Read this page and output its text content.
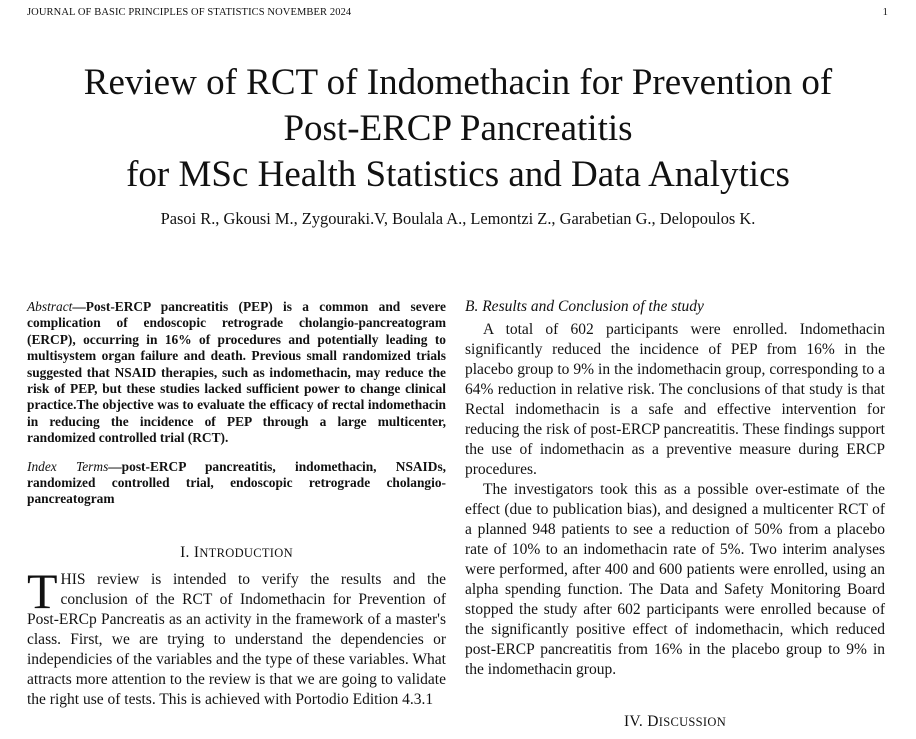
JOURNAL OF BASIC PRINCIPLES OF STATISTICS NOVEMBER 2024	1
Review of RCT of Indomethacin for Prevention of
Post-ERCP Pancreatitis
for MSc Health Statistics and Data Analytics
Pasoi R., Gkousi M., Zygouraki.V, Boulala A., Lemontzi Z., Garabetian G., Delopoulos K.

Abstract—Post-ERCP pancreatitis (PEP) is a common and severe complication of endoscopic retrograde cholangio-pancreatogram (ERCP), occurring in 16% of procedures and potentially leading to multisystem organ failure and death. Previous small randomized trials suggested that NSAID therapies, such as indomethacin, may reduce the risk of PEP, but these studies lacked sufficient power to change clinical practice.The objective was to evaluate the efficacy of rectal indomethacin in reducing the incidence of PEP through a large multicenter, randomized controlled trial (RCT).

Index Terms—post-ERCP pancreatitis, indomethacin, NSAIDs, randomized controlled trial, endoscopic retrograde cholangio-pancreatogram

I. INTRODUCTION

THIS review is intended to verify the results and the conclusion of the RCT of Indomethacin for Prevention of Post-ERCp Pancreatis as an activity in the framework of a master's class. First, we are trying to understand the dependencies or independicies of the variables and the type of these variables. What attracts more attention to the review is that we are going to validate the right use of tests. This is achieved with Portodio Edition 4.3.1

B. Results and Conclusion of the study

A total of 602 participants were enrolled. Indomethacin significantly reduced the incidence of PEP from 16% in the placebo group to 9% in the indomethacin group, corresponding to a 64% reduction in relative risk. The conclusions of that study is that Rectal indomethacin is a safe and effective intervention for reducing the risk of post-ERCP pancreatitis. These findings support the use of indomethacin as a preventive measure during ERCP procedures.

The investigators took this as a possible over-estimate of the effect (due to publication bias), and designed a multicenter RCT of a planned 948 patients to see a reduction of 50% from a placebo rate of 10% to an indomethacin rate of 5%. Two interim analyses were performed, after 400 and 600 patients were enrolled, using an alpha spending function. The Data and Safety Monitoring Board stopped the study after 602 participants were enrolled because of the significantly positive effect of indomethacin, which reduced post-ERCP pancreatitis from 16% in the placebo group to 9% in the indomethacin group.

IV. DISCUSSION
